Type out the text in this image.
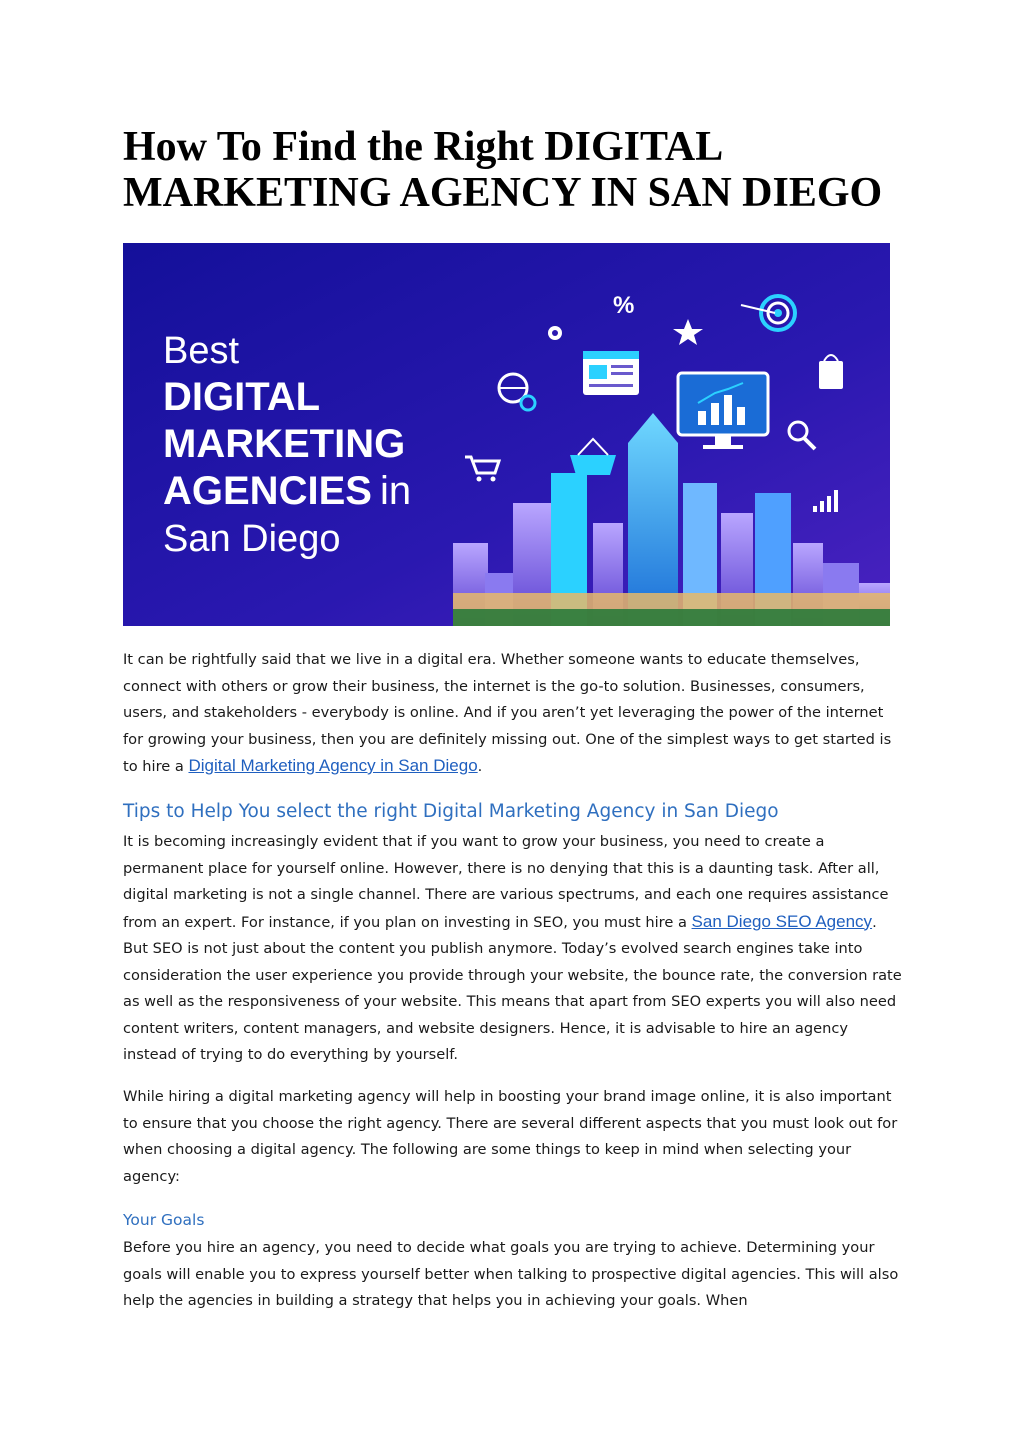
How To Find the Right DIGITAL
MARKETING AGENCY IN SAN DIEGO
Best
DIGITAL
MARKETING
AGENCIES in
San Diego
%

It can be rightfully said that we live in a digital era. Whether someone wants to educate themselves, connect with others or grow their business, the internet is the go-to solution. Businesses, consumers, users, and stakeholders - everybody is online. And if you aren’t yet leveraging the power of the internet for growing your business, then you are definitely missing out. One of the simplest ways to get started is to hire a Digital Marketing Agency in San Diego.

Tips to Help You select the right Digital Marketing Agency in San Diego

It is becoming increasingly evident that if you want to grow your business, you need to create a permanent place for yourself online. However, there is no denying that this is a daunting task. After all, digital marketing is not a single channel. There are various spectrums, and each one requires assistance from an expert. For instance, if you plan on investing in SEO, you must hire a San Diego SEO Agency. But SEO is not just about the content you publish anymore. Today’s evolved search engines take into consideration the user experience you provide through your website, the bounce rate, the conversion rate as well as the responsiveness of your website. This means that apart from SEO experts you will also need content writers, content managers, and website designers. Hence, it is advisable to hire an agency instead of trying to do everything by yourself.

While hiring a digital marketing agency will help in boosting your brand image online, it is also important to ensure that you choose the right agency. There are several different aspects that you must look out for when choosing a digital agency. The following are some things to keep in mind when selecting your agency:

Your Goals

Before you hire an agency, you need to decide what goals you are trying to achieve. Determining your goals will enable you to express yourself better when talking to prospective digital agencies. This will also help the agencies in building a strategy that helps you in achieving your goals. When
